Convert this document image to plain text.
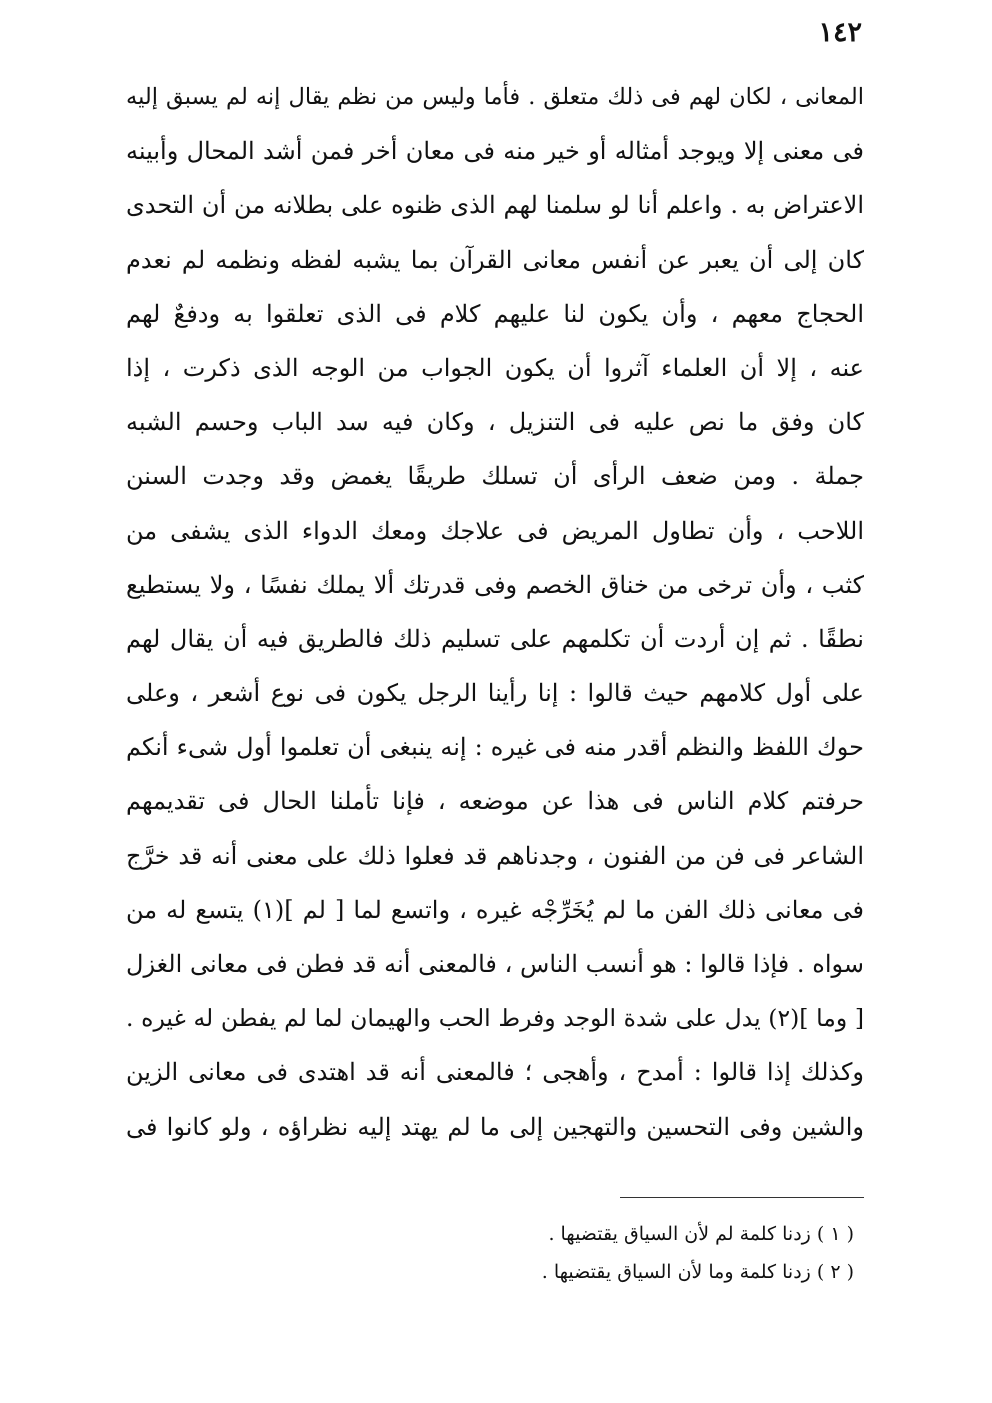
١٤٢
المعانى ، لكان لهم فى ذلك متعلق . فأما وليس من نظم يقال إنه لم يسبق إليه
فى معنى إلا ويوجد أمثاله أو خير منه فى معان أخر فمن أشد المحال وأبينه
الاعتراض به . واعلم أنا لو سلمنا لهم الذى ظنوه على بطلانه من أن التحدى
كان إلى أن يعبر عن أنفس معانى القرآن بما يشبه لفظه ونظمه لم نعدم
الحجاج معهم ، وأن يكون لنا عليهم كلام فى الذى تعلقوا به ودفعٌ لهم
عنه ، إلا أن العلماء آثروا أن يكون الجواب من الوجه الذى ذكرت ، إذا
كان وفق ما نص عليه فى التنزيل ، وكان فيه سد الباب وحسم الشبه
جملة . ومن ضعف الرأى أن تسلك طريقًا يغمض وقد وجدت السنن
اللاحب ، وأن تطاول المريض فى علاجك ومعك الدواء الذى يشفى من
كثب ، وأن ترخى من خناق الخصم وفى قدرتك ألا يملك نفسًا ، ولا يستطيع
نطقًا . ثم إن أردت أن تكلمهم على تسليم ذلك فالطريق فيه أن يقال لهم
على أول كلامهم حيث قالوا : إنا رأينا الرجل يكون فى نوع أشعر ، وعلى
حوك اللفظ والنظم أقدر منه فى غيره : إنه ينبغى أن تعلموا أول شىء أنكم
حرفتم كلام الناس فى هذا عن موضعه ، فإنا تأملنا الحال فى تقديمهم
الشاعر فى فن من الفنون ، وجدناهم قد فعلوا ذلك على معنى أنه قد خرَّج
فى معانى ذلك الفن ما لم يُخَرِّجْه غيره ، واتسع لما [ لم ](١) يتسع له من
سواه . فإذا قالوا : هو أنسب الناس ، فالمعنى أنه قد فطن فى معانى الغزل
[ وما ](٢) يدل على شدة الوجد وفرط الحب والهيمان لما لم يفطن له غيره .
وكذلك إذا قالوا : أمدح ، وأهجى ؛ فالمعنى أنه قد اهتدى فى معانى الزين
والشين وفى التحسين والتهجين إلى ما لم يهتد إليه نظراؤه ، ولو كانوا فى
( ١ ) زدنا كلمة لم لأن السياق يقتضيها .
( ٢ ) زدنا كلمة وما لأن السياق يقتضيها .
